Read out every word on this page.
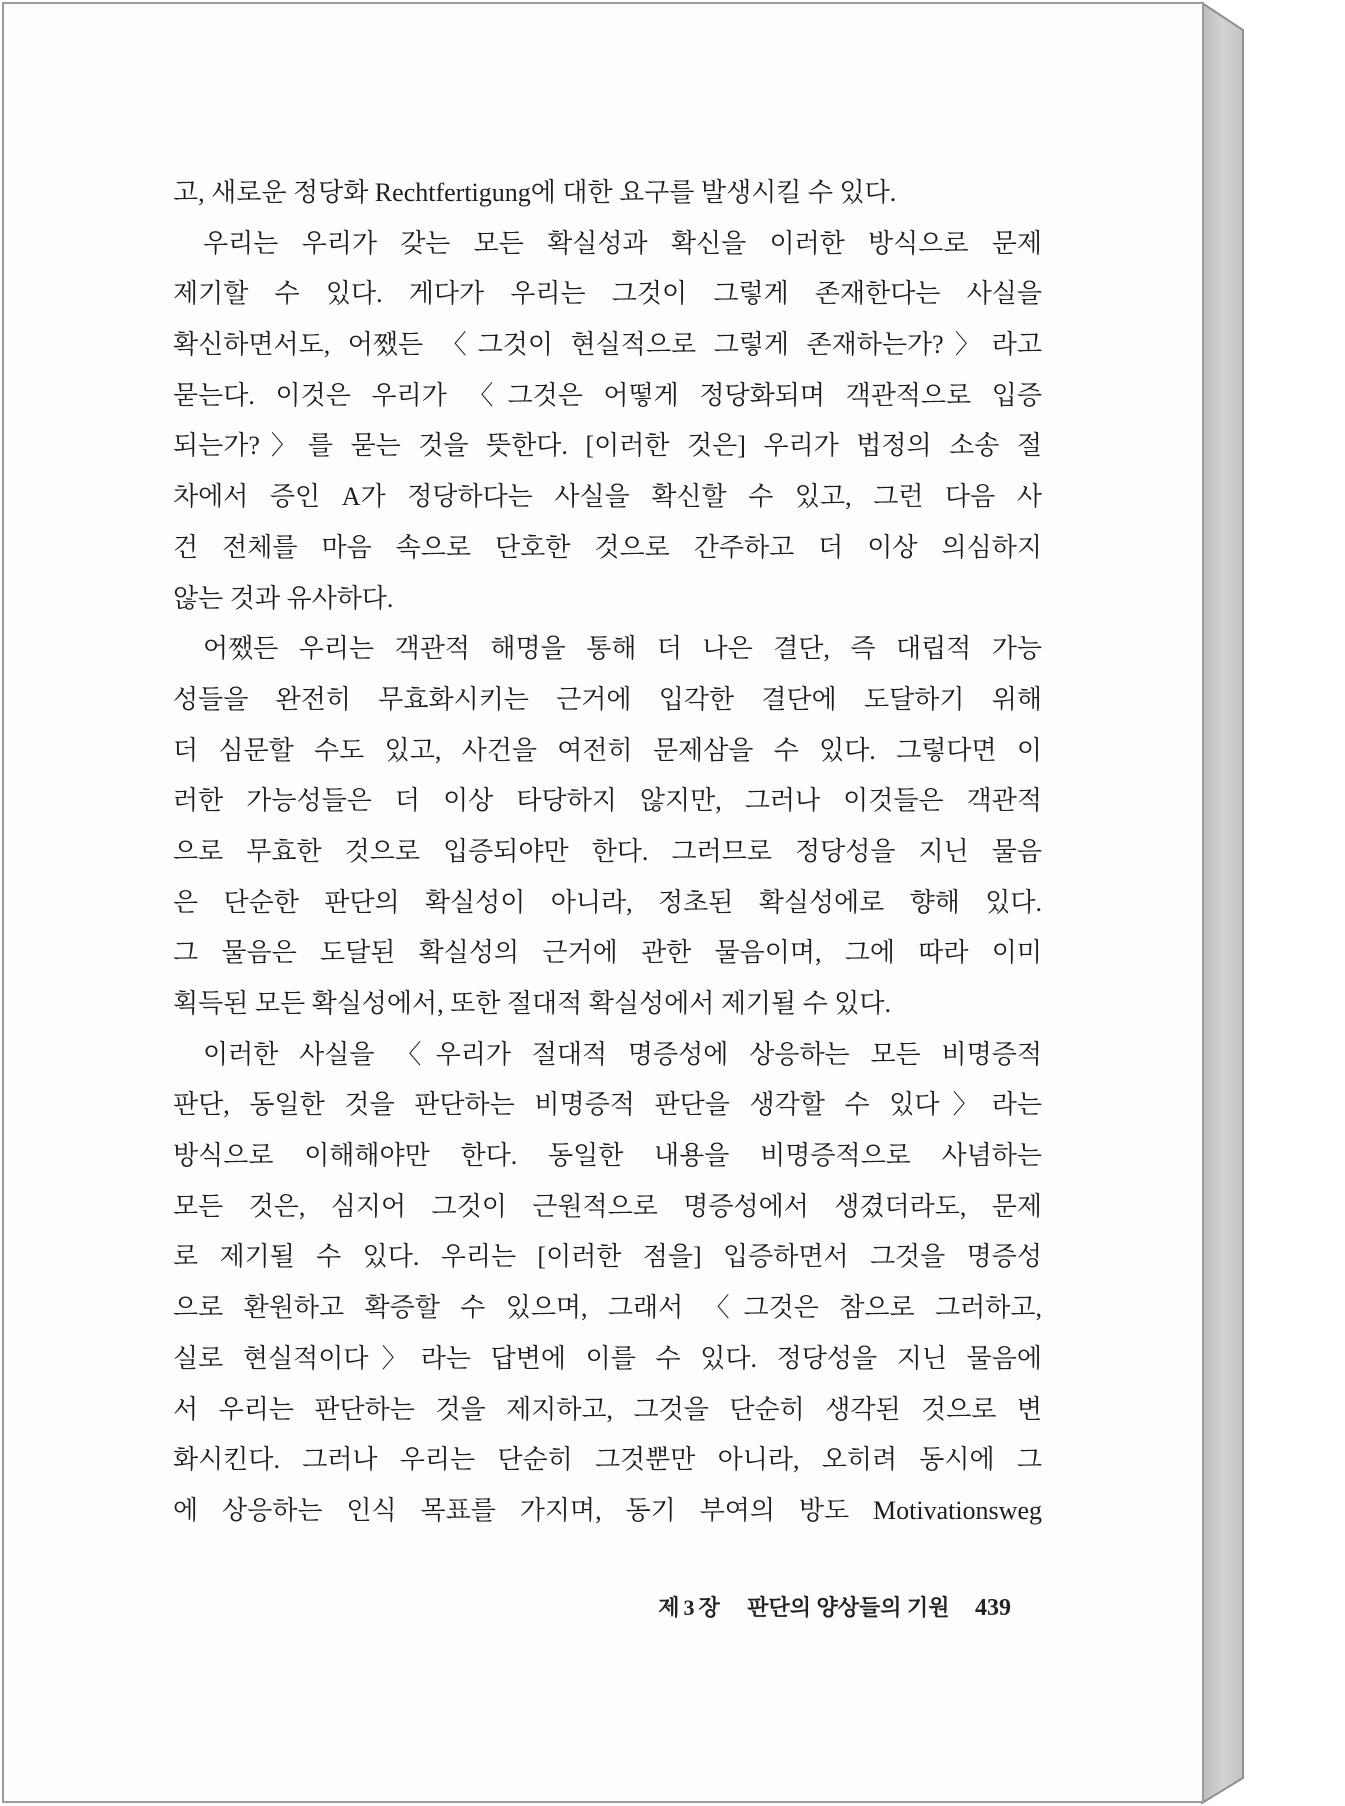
고, 새로운 정당화 Rechtfertigung에 대한 요구를 발생시킬 수 있다.
우리는 우리가 갖는 모든 확실성과 확신을 이러한 방식으로 문제
제기할 수 있다. 게다가 우리는 그것이 그렇게 존재한다는 사실을
확신하면서도, 어쨌든 〈그것이 현실적으로 그렇게 존재하는가?〉라고
묻는다. 이것은 우리가 〈그것은 어떻게 정당화되며 객관적으로 입증
되는가?〉를 묻는 것을 뜻한다. [이러한 것은] 우리가 법정의 소송 절
차에서 증인 A가 정당하다는 사실을 확신할 수 있고, 그런 다음 사
건 전체를 마음 속으로 단호한 것으로 간주하고 더 이상 의심하지
않는 것과 유사하다.
어쨌든 우리는 객관적 해명을 통해 더 나은 결단, 즉 대립적 가능
성들을 완전히 무효화시키는 근거에 입각한 결단에 도달하기 위해
더 심문할 수도 있고, 사건을 여전히 문제삼을 수 있다. 그렇다면 이
러한 가능성들은 더 이상 타당하지 않지만, 그러나 이것들은 객관적
으로 무효한 것으로 입증되야만 한다. 그러므로 정당성을 지닌 물음
은 단순한 판단의 확실성이 아니라, 정초된 확실성에로 향해 있다.
그 물음은 도달된 확실성의 근거에 관한 물음이며, 그에 따라 이미
획득된 모든 확실성에서, 또한 절대적 확실성에서 제기될 수 있다.
이러한 사실을 〈우리가 절대적 명증성에 상응하는 모든 비명증적
판단, 동일한 것을 판단하는 비명증적 판단을 생각할 수 있다〉라는
방식으로 이해해야만 한다. 동일한 내용을 비명증적으로 사념하는
모든 것은, 심지어 그것이 근원적으로 명증성에서 생겼더라도, 문제
로 제기될 수 있다. 우리는 [이러한 점을] 입증하면서 그것을 명증성
으로 환원하고 확증할 수 있으며, 그래서 〈그것은 참으로 그러하고,
실로 현실적이다〉라는 답변에 이를 수 있다. 정당성을 지닌 물음에
서 우리는 판단하는 것을 제지하고, 그것을 단순히 생각된 것으로 변
화시킨다. 그러나 우리는 단순히 그것뿐만 아니라, 오히려 동시에 그
에 상응하는 인식 목표를 가지며, 동기 부여의 방도 Motivationsweg
제3장 판단의 양상들의 기원 439
